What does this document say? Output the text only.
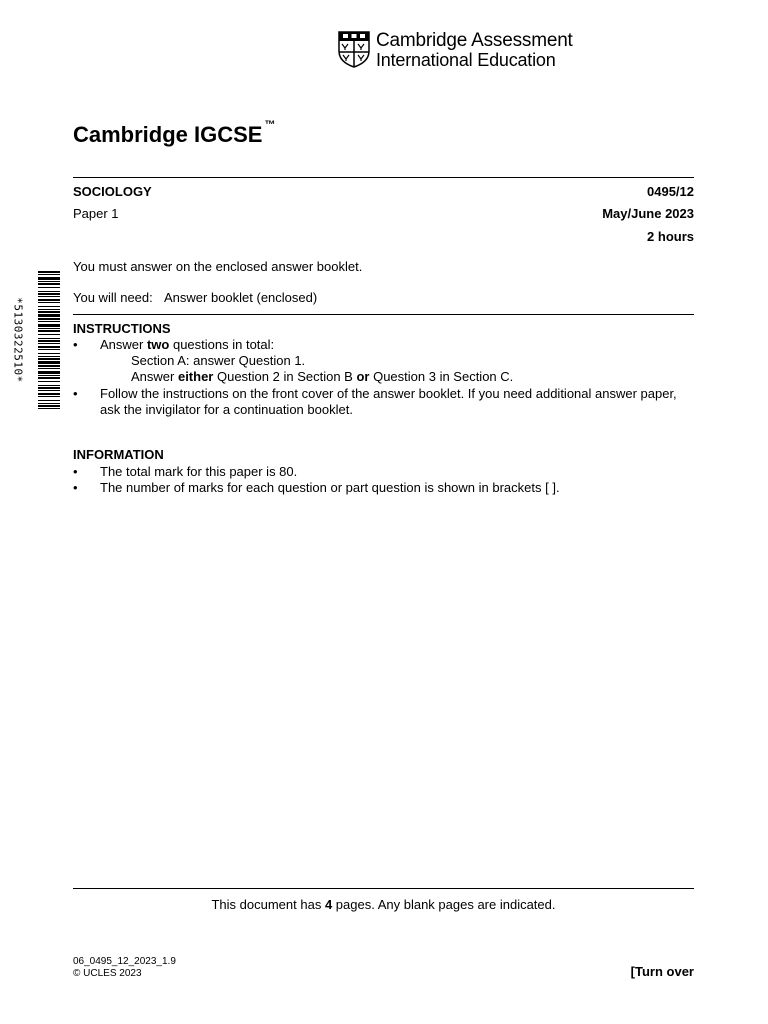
Cambridge Assessment
International Education
Cambridge IGCSE ™
SOCIOLOGY	0495/12
Paper 1	May/June 2023
2 hours
You must answer on the enclosed answer booklet.
You will need: Answer booklet (enclosed)
*5130322510*	INSTRUCTIONS
• Answer two questions in total:
Section A: answer Question 1.
Answer either Question 2 in Section B or Question 3 in Section C.
• Follow the instructions on the front cover of the answer booklet. If you need additional answer paper,
ask the invigilator for a continuation booklet.
INFORMATION
• The total mark for this paper is 80.
• The number of marks for each question or part question is shown in brackets [ ].
This document has 4 pages. Any blank pages are indicated.
06_0495_12_2023_1.9
© UCLES 2023	[Turn over
